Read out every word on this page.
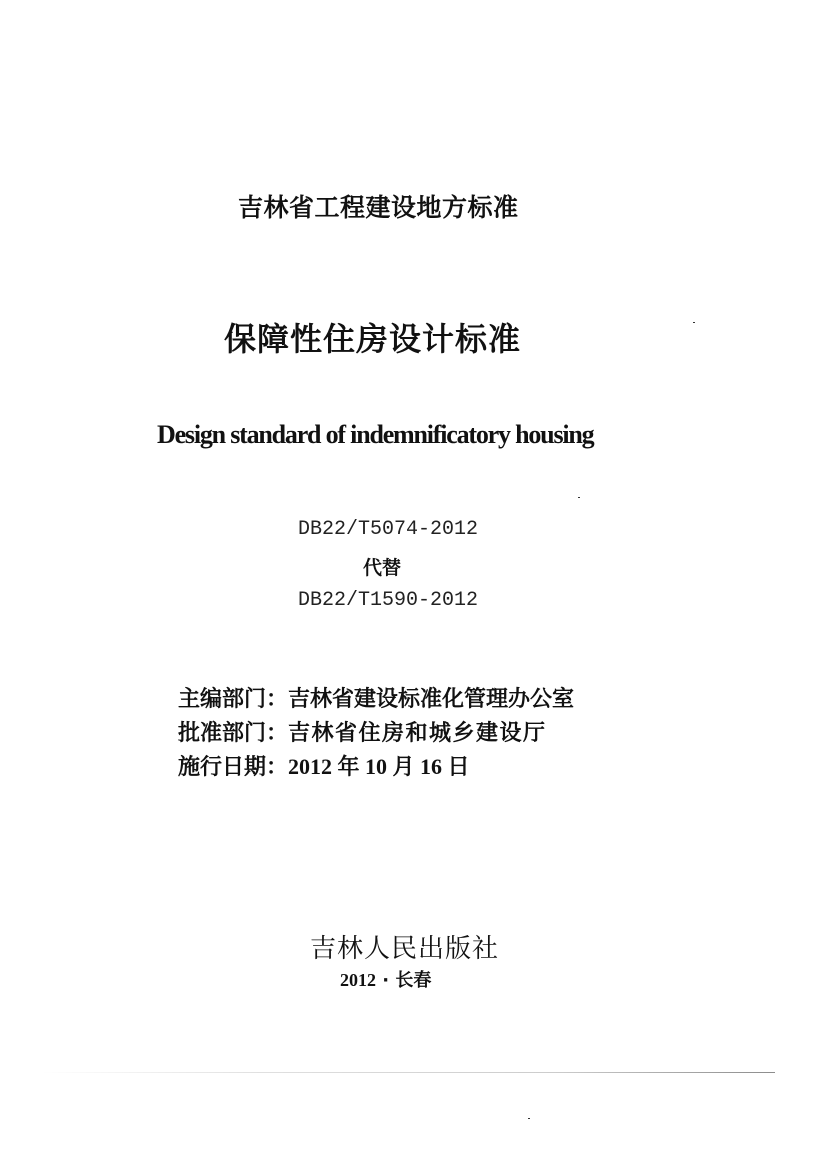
吉林省工程建设地方标准
保障性住房设计标准
Design standard of indemnificatory housing
DB22/T5074-2012
代替
DB22/T1590-2012
主编部门：吉林省建设标准化管理办公室
批准部门：吉林省住房和城乡建设厅
施行日期：2012 年 10 月 16 日
吉林人民出版社
2012 · 长春
